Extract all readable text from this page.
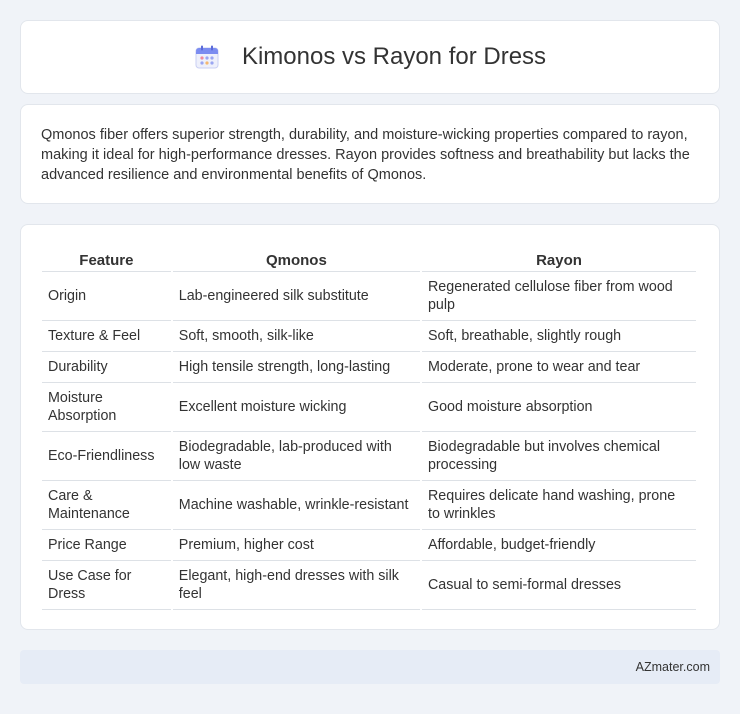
Kimonos vs Rayon for Dress

Qmonos fiber offers superior strength, durability, and moisture-wicking properties compared to rayon, making it ideal for high-performance dresses. Rayon provides softness and breathability but lacks the advanced resilience and environmental benefits of Qmonos.

Feature	Qmonos	Rayon
Origin	Lab-engineered silk substitute	Regenerated cellulose fiber from wood pulp
Texture & Feel	Soft, smooth, silk-like	Soft, breathable, slightly rough
Durability	High tensile strength, long-lasting	Moderate, prone to wear and tear
Moisture Absorption	Excellent moisture wicking	Good moisture absorption
Eco-Friendliness	Biodegradable, lab-produced with low waste	Biodegradable but involves chemical processing
Care & Maintenance	Machine washable, wrinkle-resistant	Requires delicate hand washing, prone to wrinkles
Price Range	Premium, higher cost	Affordable, budget-friendly
Use Case for Dress	Elegant, high-end dresses with silk feel	Casual to semi-formal dresses
AZmater.com
